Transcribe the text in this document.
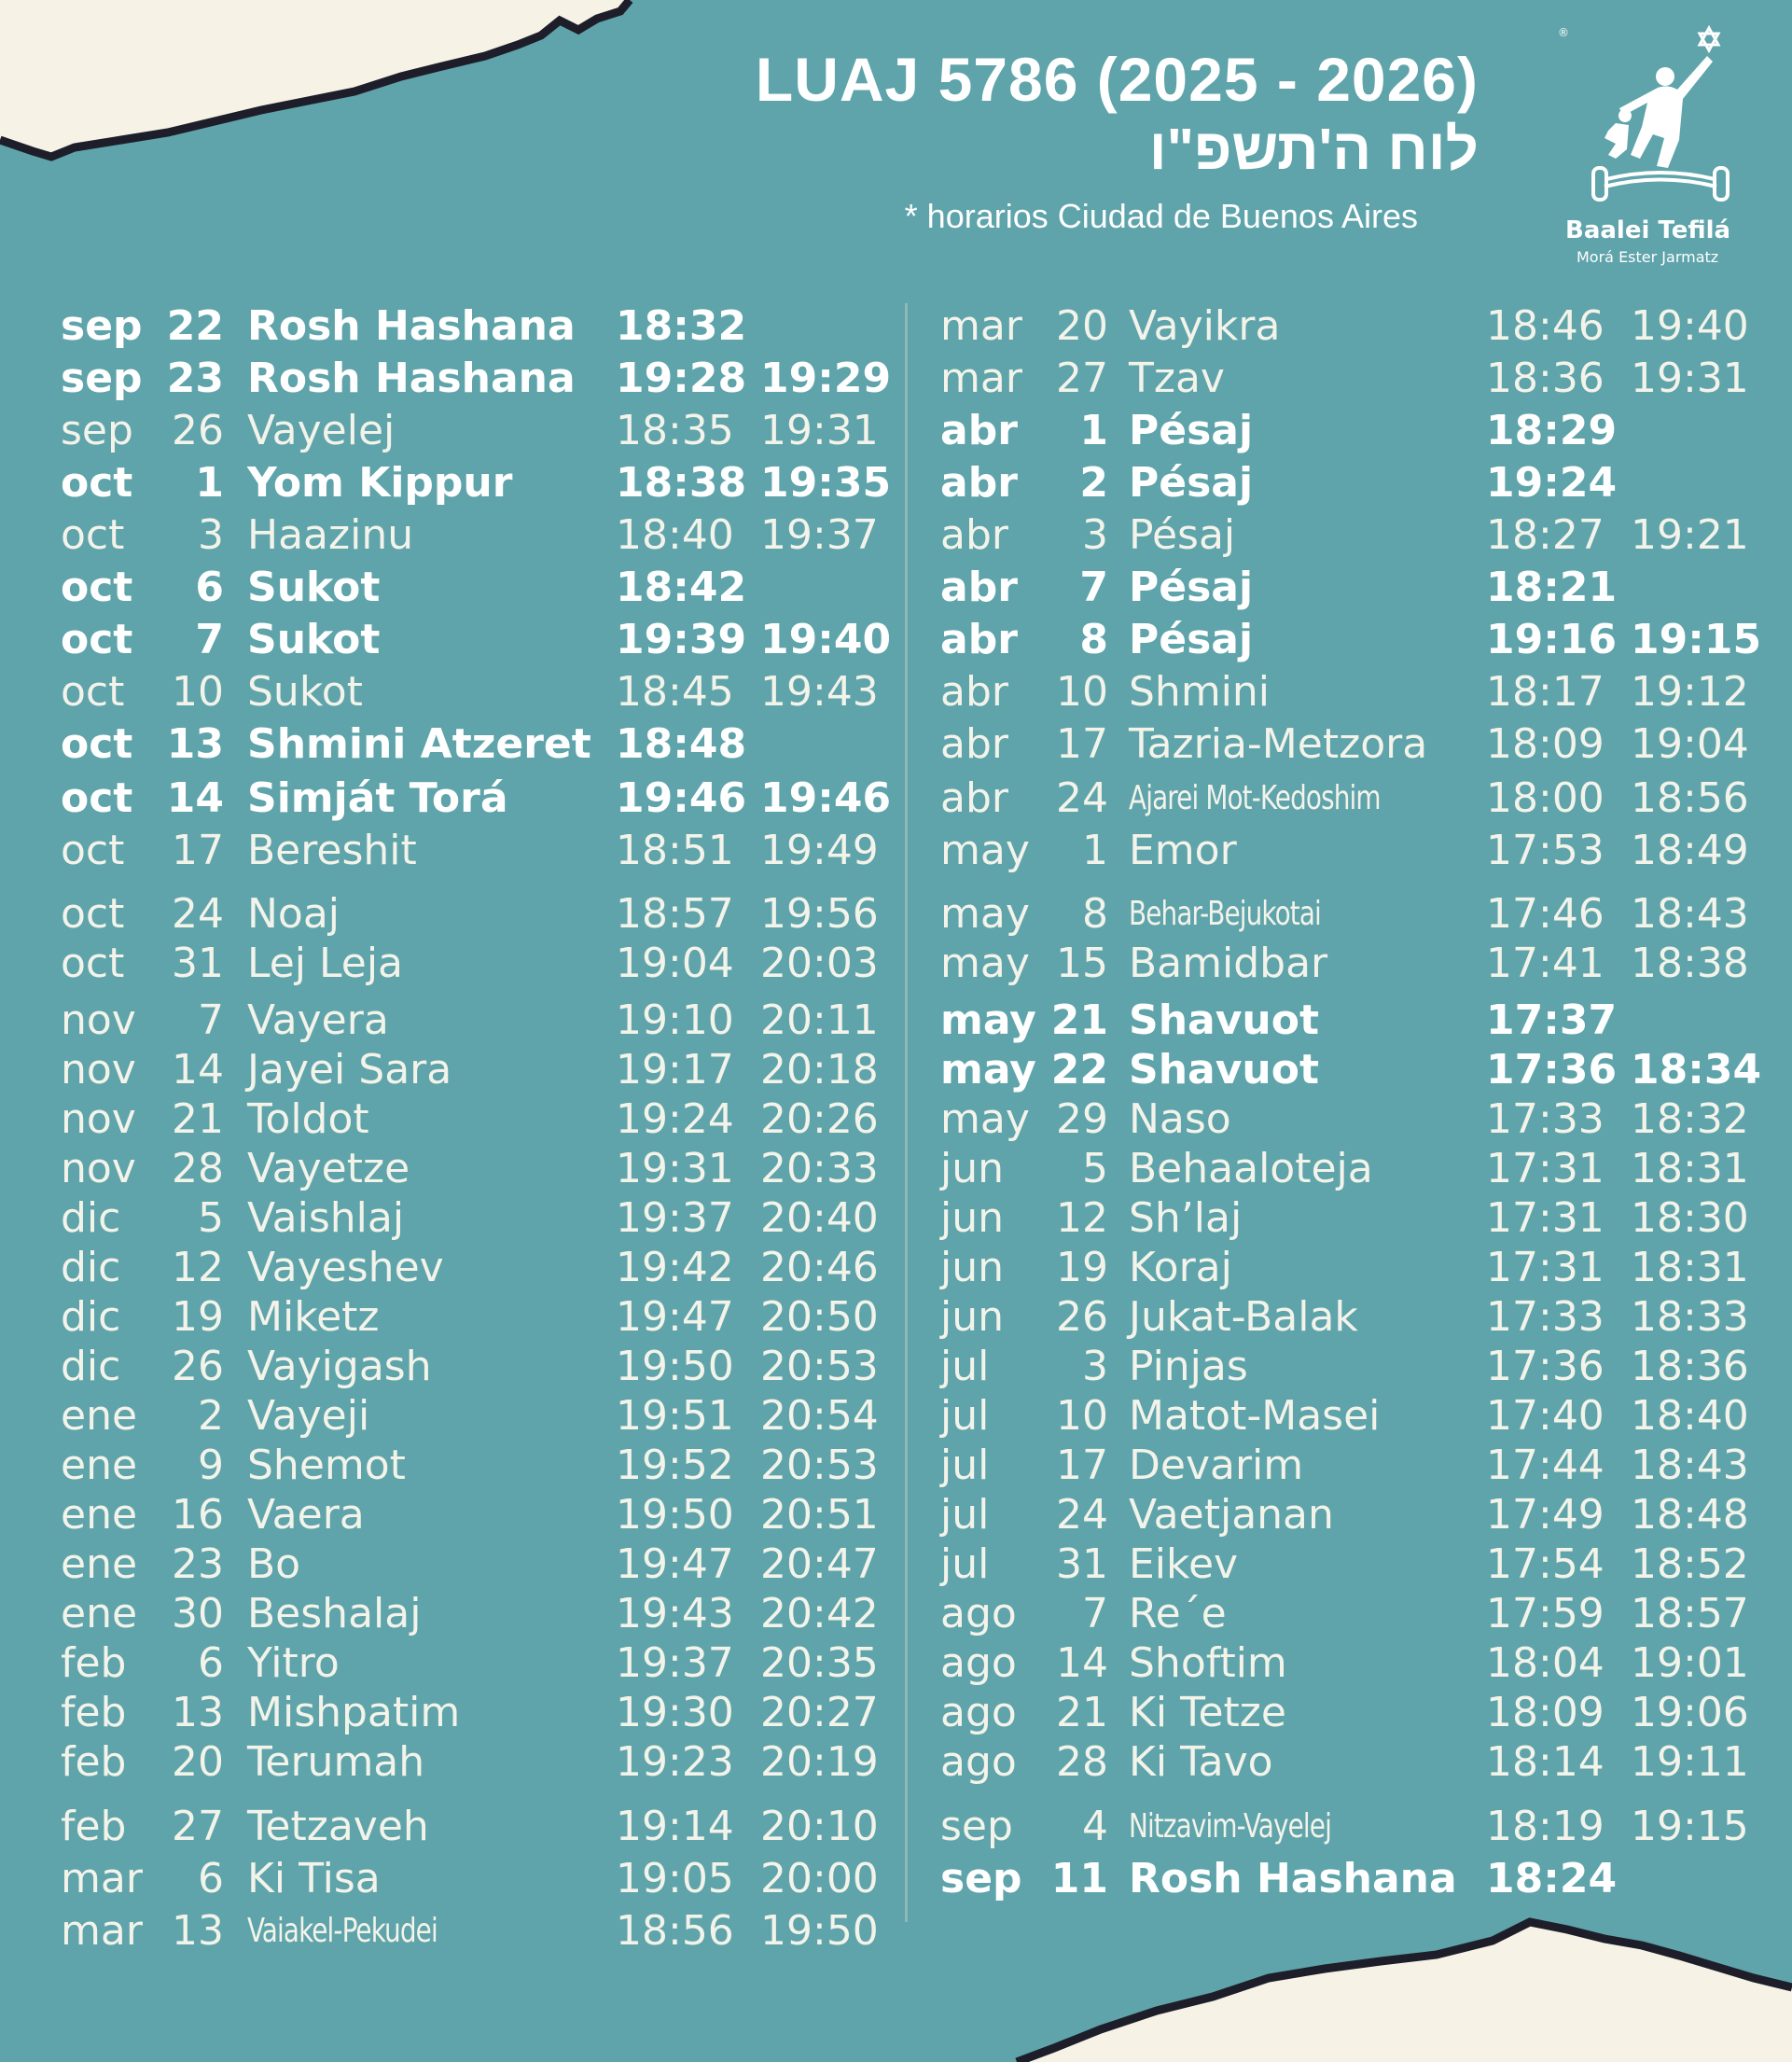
LUAJ 5786 (2025 - 2026)
לוח ה'תשפ"ו
* horarios Ciudad de Buenos Aires
®
Baalei Tefilá
Morá Ester Jarmatz
sep 22 Rosh Hashana 18:32
sep 23 Rosh Hashana 19:28 19:29
sep 26 Vayelej	18:35 19:31
oct	1 Yom Kippur	18:38 19:35
oct	3 Haazinu	18:40 19:37
oct	6 Sukot	18:42
oct	7 Sukot	19:39 19:40
oct	10 Sukot	18:45 19:43
oct 13 Shmini Atzeret 18:48
oct 14 Simját Torá	19:46 19:46
oct	17 Bereshit	18:51 19:49
oct	24 Noaj	18:57 19:56
oct	31 Lej Leja	19:04 20:03
nov	7 Vayera	19:10 20:11
nov 14 Jayei Sara	19:17 20:18
nov 21 Toldot	19:24 20:26
nov 28 Vayetze	19:31 20:33
dic	5 Vaishlaj	19:37 20:40
dic	12 Vayeshev	19:42 20:46
dic	19 Miketz	19:47 20:50
dic	26 Vayigash	19:50 20:53
ene	2 Vayeji	19:51 20:54
ene	9 Shemot	19:52 20:53
ene 16 Vaera	19:50 20:51
ene 23 Bo	19:47 20:47
ene 30 Beshalaj	19:43 20:42
feb	6 Yitro	19:37 20:35
feb	13 Mishpatim	19:30 20:27
feb	20 Terumah	19:23 20:19
feb	27 Tetzaveh	19:14 20:10
mar	6 Ki Tisa	19:05 20:00
mar 13 Vaiakel-Pekudei	18:56 19:50
mar 20 Vayikra	18:46 19:40
mar 27 Tzav	18:36 19:31
abr	1 Pésaj	18:29
abr	2 Pésaj	19:24
abr	3 Pésaj	18:27 19:21
abr	7 Pésaj	18:21
abr	8 Pésaj	19:16 19:15
abr	10 Shmini	18:17 19:12
abr	17 Tazria-Metzora 18:09 19:04
abr	24 Ajarei Mot-Kedoshim	18:00 18:56
may	1 Emor	17:53 18:49
may	8 Behar-Bejukotai	17:46 18:43
may 15 Bamidbar	17:41 18:38
may 21 Shavuot	17:37
may 22 Shavuot	17:36 18:34
may 29 Naso	17:33 18:32
jun	5 Behaaloteja	17:31 18:31
jun	12 Sh’laj	17:31 18:30
jun	19 Koraj	17:31 18:31
jun	26 Jukat-Balak	17:33 18:33
jul	3 Pinjas	17:36 18:36
jul	10 Matot-Masei	17:40 18:40
jul	17 Devarim	17:44 18:43
jul	24 Vaetjanan	17:49 18:48
jul	31 Eikev	17:54 18:52
ago	7 Re´e	17:59 18:57
ago 14 Shoftim	18:04 19:01
ago 21 Ki Tetze	18:09 19:06
ago 28 Ki Tavo	18:14 19:11
sep	4 Nitzavim-Vayelej	18:19 19:15
sep 11 Rosh Hashana 18:24
